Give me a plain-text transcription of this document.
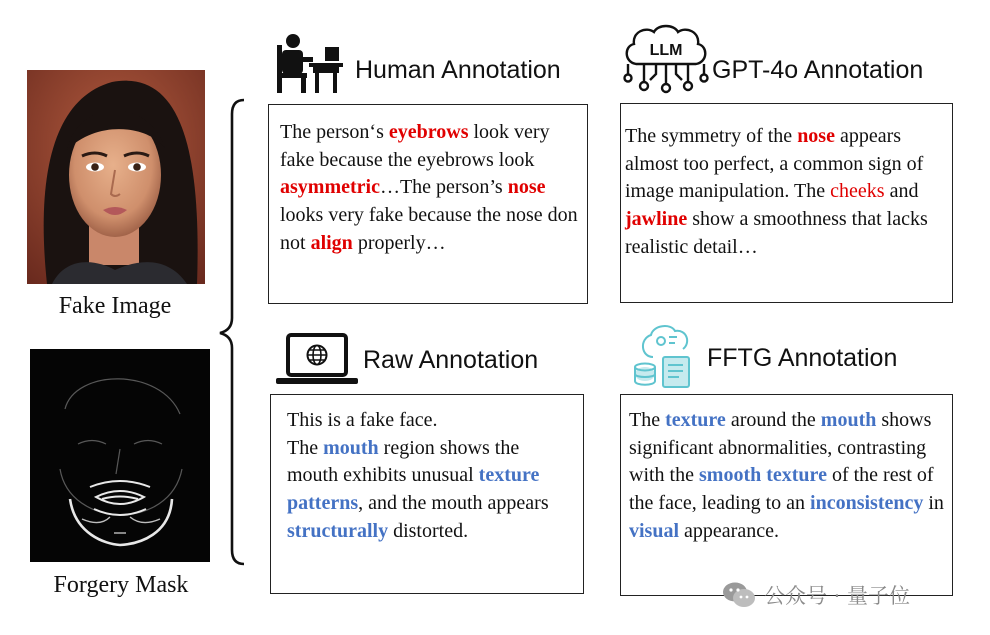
Fake Image
Forgery Mask
Human Annotation

The person‘s eyebrows look very fake because the eyebrows look asymmetric…The person’s nose looks very fake because the nose don not align properly…

LLM
GPT-4o Annotation

The symmetry of the nose appears almost too perfect, a common sign of image manipulation. The cheeks and jawline show a smoothness that lacks realistic detail…

Raw Annotation

This is a fake face.
The mouth region shows the mouth exhibits unusual texture patterns, and the mouth appears structurally distorted.

FFTG Annotation

The texture around the mouth shows significant abnormalities, contrasting with the smooth texture of the rest of the face, leading to an inconsistency in visual appearance.

公众号 · 量子位
